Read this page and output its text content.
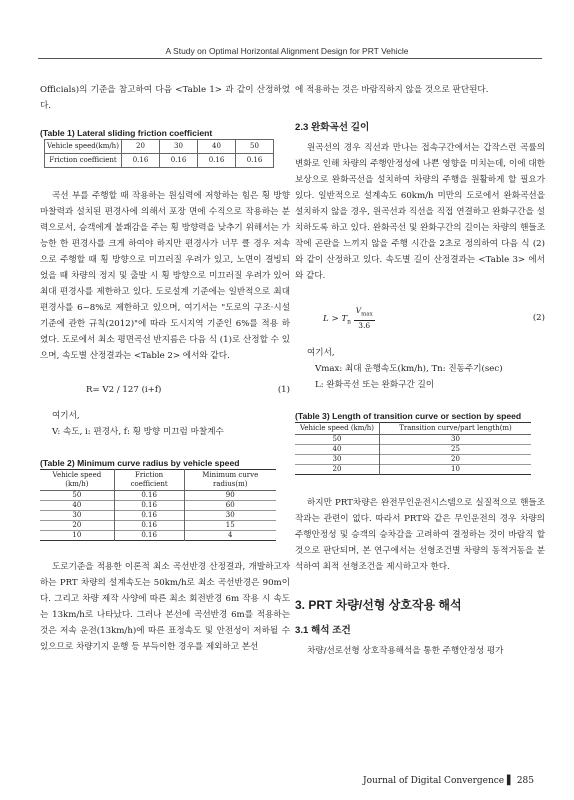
A Study on Optimal Horizontal Alignment Design for PRT Vehicle

Officials)의 기준을 참고하여 다음 <Table 1> 과 같이 산정하였다.

(Table 1) Lateral sliding friction coefficient
Vehicle speed(km/h)	20	30	40	50
Friction coefficient	0.16	0.16	0.16	0.16

곡선 부를 주행할 때 작용하는 원심력에 저항하는 힘은 횡 방향 마찰력과 설치된 편경사에 의해서 포장 면에 수직으로 작용하는 분력으로서, 승객에게 불쾌감을 주는 횡 방향력을 낮추기 위해서는 가능한 한 편경사를 크게 하여야 하지만 편경사가 너무 클 경우 저속으로 주행할 때 횡 방향으로 미끄러질 우려가 있고, 노면이 결빙되었을 때 차량의 정지 및 출발 시 횡 방향으로 미끄러질 우려가 있어 최대 편경사를 제한하고 있다. 도로설계 기준에는 일반적으로 최대 편경사를 6~8%로 제한하고 있으며, 여기서는 "도로의 구조·시설 기준에 관한 규칙(2012)"에 따라 도시지역 기준인 6%를 적용 하였다. 도로에서 최소 평면곡선 반지름은 다음 식 (1)로 산정할 수 있으며, 속도별 산정결과는 <Table 2> 에서와 같다.

R= V2 / 127 (i+f)	(1)

여기서,

V: 속도, i: 편경사, f: 횡 방향 미끄럼 마찰계수

(Table 2) Minimum curve radius by vehicle speed
Vehicle speed (km/h)	Friction coefficient	Minimum curve radius(m)
50	0.16	90
40	0.16	60
30	0.16	30
20	0.16	15
10	0.16	4

도로기준을 적용한 이론적 최소 곡선반경 산정결과, 개발하고자 하는 PRT 차량의 설계속도는 50km/h로 최소 곡선반경은 90m이다. 그리고 차량 제작 사양에 따른 최소 회전반경 6m 작용 시 속도는 13km/h로 나타났다. 그러나 본선에 곡선반경 6m를 적용하는 것은 저속 운전(13km/h)에 따른 표정속도 및 안전성이 저하될 수 있으므로 차량기지 운행 등 부득이한 경우를 제외하고 본선

에 적용하는 것은 바람직하지 않을 것으로 판단된다.

2.3 완화곡선 길이

원곡선의 경우 직선과 만나는 접속구간에서는 갑작스런 곡률의 변화로 인해 차량의 주행안정성에 나쁜 영향을 미치는데, 이에 대한 보상으로 완화곡선을 설치하여 차량의 주행을 원활하게 할 필요가 있다. 일반적으로 설계속도 60km/h 미만의 도로에서 완화곡선을 설치하지 않을 경우, 원곡선과 직선을 직접 연결하고 완화구간을 설치하도록 하고 있다. 완화곡선 및 완화구간의 길이는 차량의 핸들조작에 곤란을 느끼지 않을 주행 시간을 2초로 정의하여 다음 식 (2)와 같이 산정하고 있다. 속도별 길이 산정결과는 <Table 3> 에서와 같다.

$L > T_n \frac{V_{max}}{3.6}$	(2)

여기서,

Vmax: 최대 운행속도(km/h), Tn: 진동주기(sec)

L: 완화곡선 또는 완화구간 길이

(Table 3) Length of transition curve or section by speed
Vehicle speed (km/h)	Transition curve/part length(m)
50	30
40	25
30	20
20	10

하지만 PRT차량은 완전무인운전시스템으로 실질적으로 핸들조작과는 관련이 없다. 따라서 PRT와 같은 무인운전의 경우 차량의 주행안정성 및 승객의 승차감을 고려하여 결정하는 것이 바람직 할 것으로 판단되며, 본 연구에서는 선형조건별 차량의 동적거동을 분석하여 최적 선형조건을 제시하고자 한다.

3. PRT 차량/선형 상호작용 해석
3.1 해석 조건

차량/선로선형 상호작용해석을 통한 주행안정성 평가

Journal of Digital Convergence ▌ 285
